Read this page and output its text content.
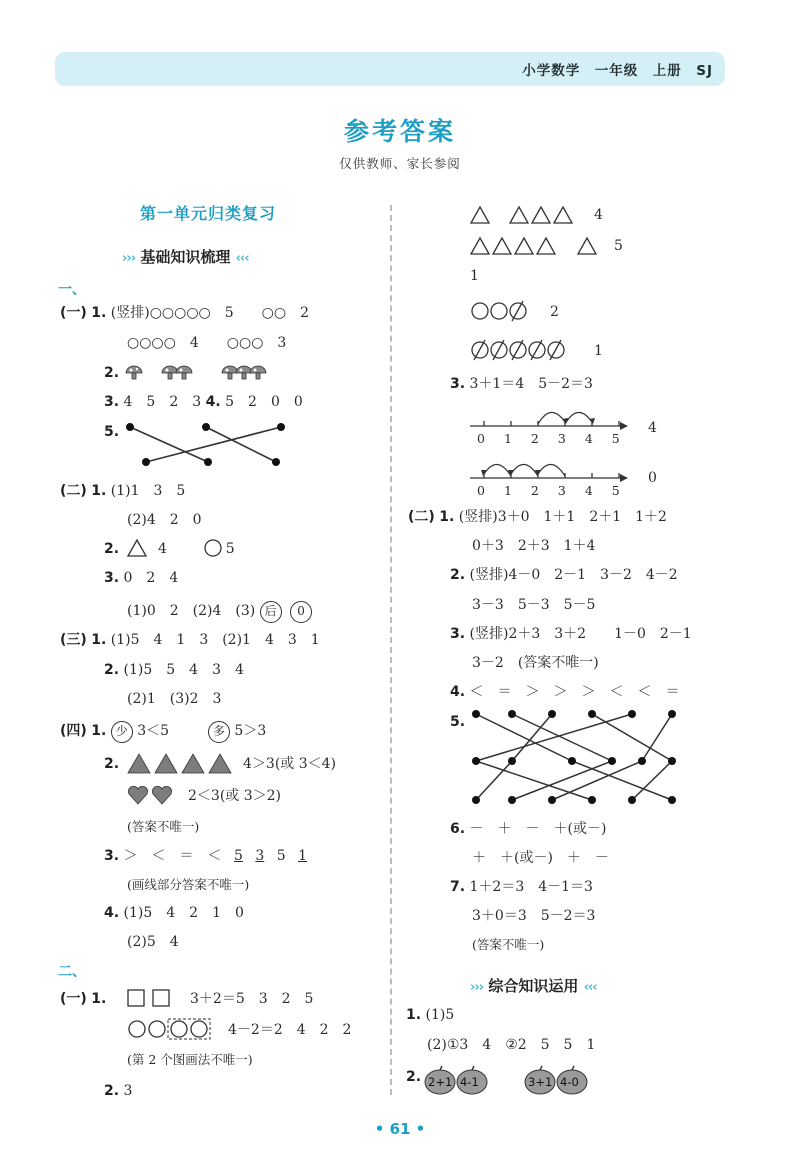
小学数学　一年级　上册　SJ
参考答案
仅供教师、家长参阅
第一单元归类复习
››› 基础知识梳理 ‹‹‹
一、
(一) 1. (竖排)○○○○○　5　　○○　2
○○○○　4　　○○○　3
2.
3. 4　5　2　3 4. 5　2　0　0
5.
(二) 1. (1)1　3　5
(2)4　2　0
2.	4	5
3. 0　2　4
(1)0　2　(2)4　(3) 后 0
(三) 1. (1)5　4　1　3　(2)1　4　3　1
2. (1)5　5　4　3　4
(2)1　(3)2　3
(四) 1. 少 3＜5	多 5＞3
2.	4＞3(或 3＜4)
2＜3(或 3＞2)
(答案不唯一)
3. ＞　＜　＝　＜ 5 3 5 1
(画线部分答案不唯一)
4. (1)5　4　2　1　0
(2)5　4
二、
(一) 1.	3＋2＝5　3　2　5
4－2＝2　4　2　2
(第 2 个图画法不唯一)
2. 3
4
5
1
2
1
3. 3＋1＝4　5－2＝3
0 1 2 3 4 5
4
0 1 2 3 4 5
0
(二) 1. (竖排)3＋0　1＋1　2＋1　1＋2
0＋3　2＋3　1＋4
2. (竖排)4－0　2－1　3－2　4－2
3－3　5－3　5－5
3. (竖排)2＋3　3＋2　　1－0　2－1
3－2　(答案不唯一)
4. ＜　＝　＞　＞　＞　＜　＜　＝
5.
6. －　＋　－　＋(或－)
＋　＋(或－)　＋　－
7. 1＋2＝3　4－1＝3
3＋0＝3　5－2＝3
(答案不唯一)
››› 综合知识运用 ‹‹‹
1. (1)5
(2)①3　4　②2　5　5　1
2. 2+1 4-1	3+1 4-0
• 61 •
